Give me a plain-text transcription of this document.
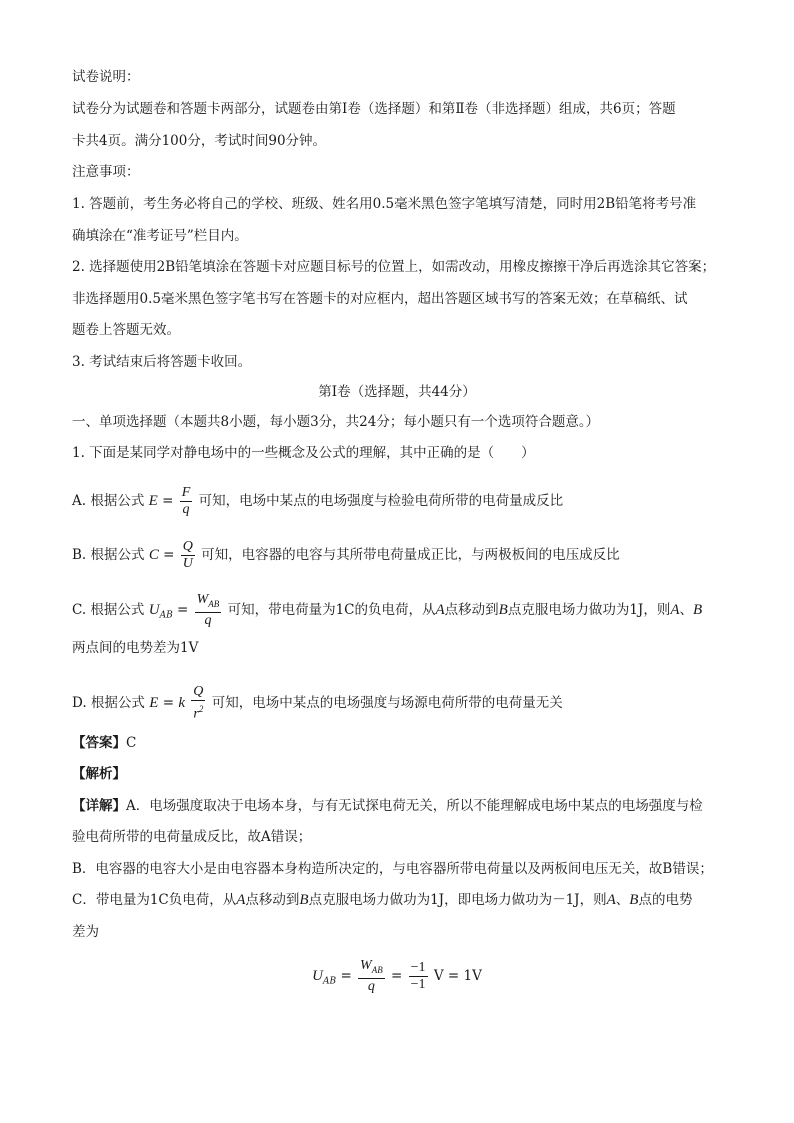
试卷说明：
试卷分为试题卷和答题卡两部分，试题卷由第Ⅰ卷（选择题）和第Ⅱ卷（非选择题）组成，共6页；答题
卡共4页。满分100分，考试时间90分钟。
注意事项：
1. 答题前，考生务必将自己的学校、班级、姓名用0.5毫米黑色签字笔填写清楚，同时用2B铅笔将考号准
确填涂在“准考证号”栏目内。
2. 选择题使用2B铅笔填涂在答题卡对应题目标号的位置上，如需改动，用橡皮擦擦干净后再选涂其它答案；
非选择题用0.5毫米黑色签字笔书写在答题卡的对应框内，超出答题区域书写的答案无效；在草稿纸、试
题卷上答题无效。
3. 考试结束后将答题卡收回。
第Ⅰ卷（选择题，共44分）
一、单项选择题（本题共8小题，每小题3分，共24分；每小题只有一个选项符合题意。）
1. 下面是某同学对静电场中的一些概念及公式的理解，其中正确的是（　　）
A. 根据公式 $E = \frac{F}{q}$ 可知，电场中某点的电场强度与检验电荷所带的电荷量成反比
B. 根据公式 $C = \frac{Q}{U}$ 可知，电容器的电容与其所带电荷量成正比，与两极板间的电压成反比
C. 根据公式 $U_{AB} = \frac{W_{AB}}{q}$ 可知，带电荷量为1C的负电荷，从A点移动到B点克服电场力做功为1J，则A、B
两点间的电势差为1V
D. 根据公式 E = k $\frac{Q}{r^2}$ 可知，电场中某点的电场强度与场源电荷所带的电荷量无关
【答案】C
【解析】
【详解】A．电场强度取决于电场本身，与有无试探电荷无关，所以不能理解成电场中某点的电场强度与检
验电荷所带的电荷量成反比，故A错误；
B．电容器的电容大小是由电容器本身构造所决定的，与电容器所带电荷量以及两板间电压无关，故B错误；
C．带电量为1C负电荷，从A点移动到B点克服电场力做功为1J，即电场力做功为－1J，则A、B点的电势
差为
$U_{AB} = \frac{W_{AB}}{q} = \frac{-1}{-1}$ V = 1V
